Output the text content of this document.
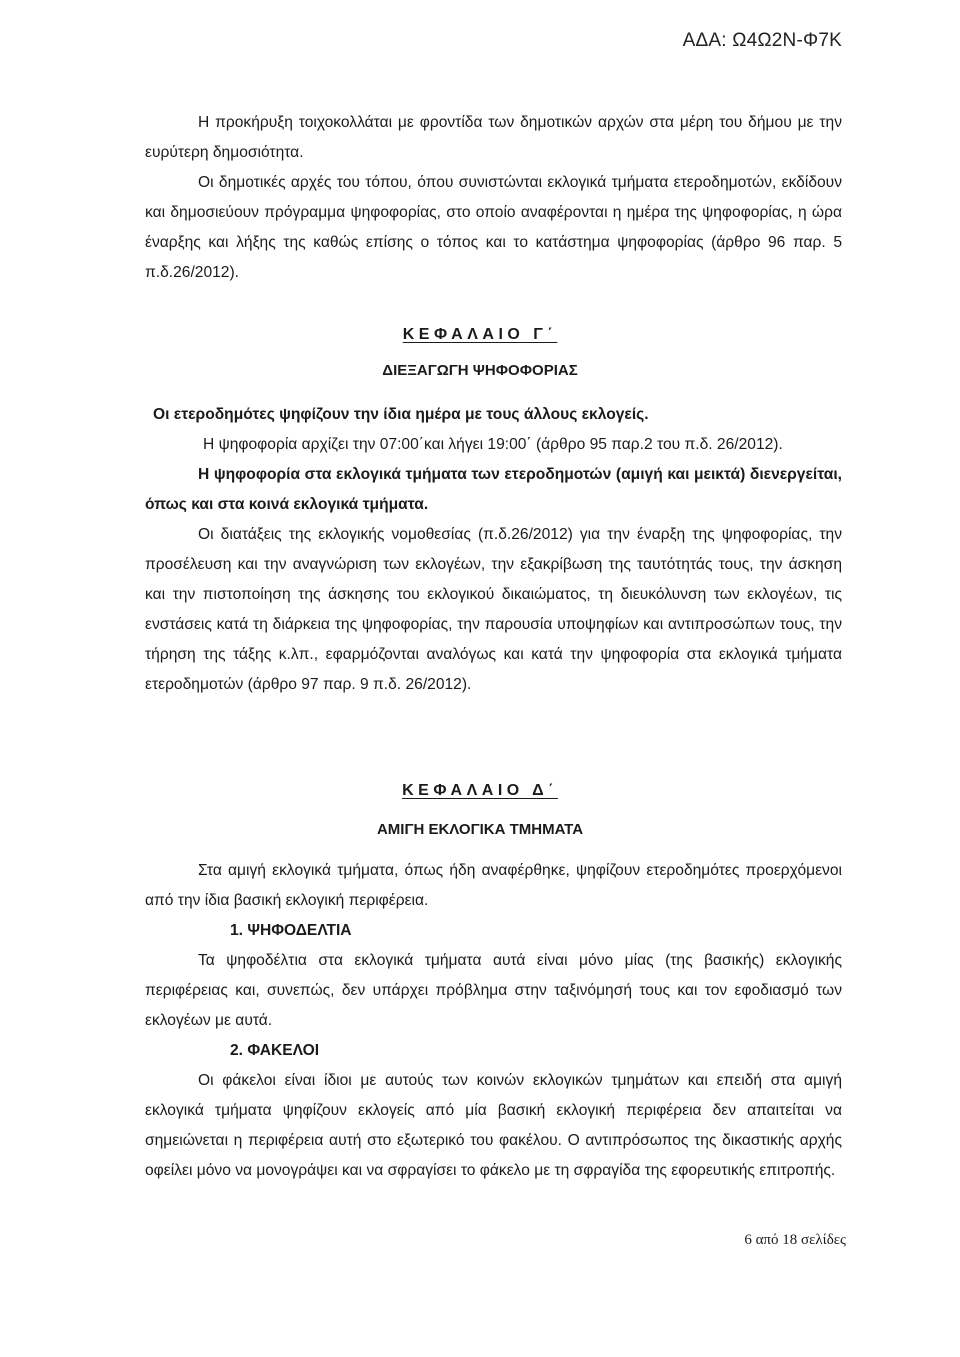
ΑΔΑ: Ω4Ω2Ν-Φ7Κ

Η προκήρυξη τοιχοκολλάται με φροντίδα των δημοτικών αρχών στα μέρη του δήμου με την ευρύτερη δημοσιότητα.

Οι δημοτικές αρχές του τόπου, όπου συνιστώνται εκλογικά τμήματα ετεροδημοτών, εκδίδουν και δημοσιεύουν πρόγραμμα ψηφοφορίας, στο οποίο αναφέρονται η ημέρα της ψηφοφορίας, η ώρα έναρξης και λήξης της καθώς επίσης ο τόπος και το κατάστημα ψηφοφορίας (άρθρο 96 παρ. 5 π.δ.26/2012).

ΚΕΦΑΛΑΙΟ Γ΄
ΔΙΕΞΑΓΩΓΗ ΨΗΦΟΦΟΡΙΑΣ

Οι ετεροδημότες ψηφίζουν την ίδια ημέρα με τους άλλους εκλογείς.

Η ψηφοφορία αρχίζει την 07:00΄και λήγει 19:00΄ (άρθρο 95 παρ.2 του π.δ. 26/2012).

Η ψηφοφορία στα εκλογικά τμήματα των ετεροδημοτών (αμιγή και μεικτά) διενεργείται, όπως και στα κοινά εκλογικά τμήματα.

Οι διατάξεις της εκλογικής νομοθεσίας (π.δ.26/2012) για την έναρξη της ψηφοφορίας, την προσέλευση και την αναγνώριση των εκλογέων, την εξακρίβωση της ταυτότητάς τους, την άσκηση και την πιστοποίηση της άσκησης του εκλογικού δικαιώματος, τη διευκόλυνση των εκλογέων, τις ενστάσεις κατά τη διάρκεια της ψηφοφορίας, την παρουσία υποψηφίων και αντιπροσώπων τους, την τήρηση της τάξης κ.λπ., εφαρμόζονται αναλόγως και κατά την ψηφοφορία στα εκλογικά τμήματα ετεροδημοτών (άρθρο 97 παρ. 9 π.δ. 26/2012).

ΚΕΦΑΛΑΙΟ Δ΄
ΑΜΙΓΗ ΕΚΛΟΓΙΚΑ ΤΜΗΜΑΤΑ

Στα αμιγή εκλογικά τμήματα, όπως ήδη αναφέρθηκε, ψηφίζουν ετεροδημότες προερχόμενοι από την ίδια βασική εκλογική περιφέρεια.

1. ΨΗΦΟΔΕΛΤΙΑ

Τα ψηφοδέλτια στα εκλογικά τμήματα αυτά είναι μόνο μίας (της βασικής) εκλογικής περιφέρειας και, συνεπώς, δεν υπάρχει πρόβλημα στην ταξινόμησή τους και τον εφοδιασμό των εκλογέων με αυτά.

2. ΦΑΚΕΛΟΙ

Οι φάκελοι είναι ίδιοι με αυτούς των κοινών εκλογικών τμημάτων και επειδή στα αμιγή εκλογικά τμήματα ψηφίζουν εκλογείς από μία βασική εκλογική περιφέρεια δεν απαιτείται να σημειώνεται η περιφέρεια αυτή στο εξωτερικό του φακέλου. Ο αντιπρόσωπος της δικαστικής αρχής οφείλει μόνο να μονογράψει και να σφραγίσει το φάκελο με τη σφραγίδα της εφορευτικής επιτροπής.

6 από 18 σελίδες
